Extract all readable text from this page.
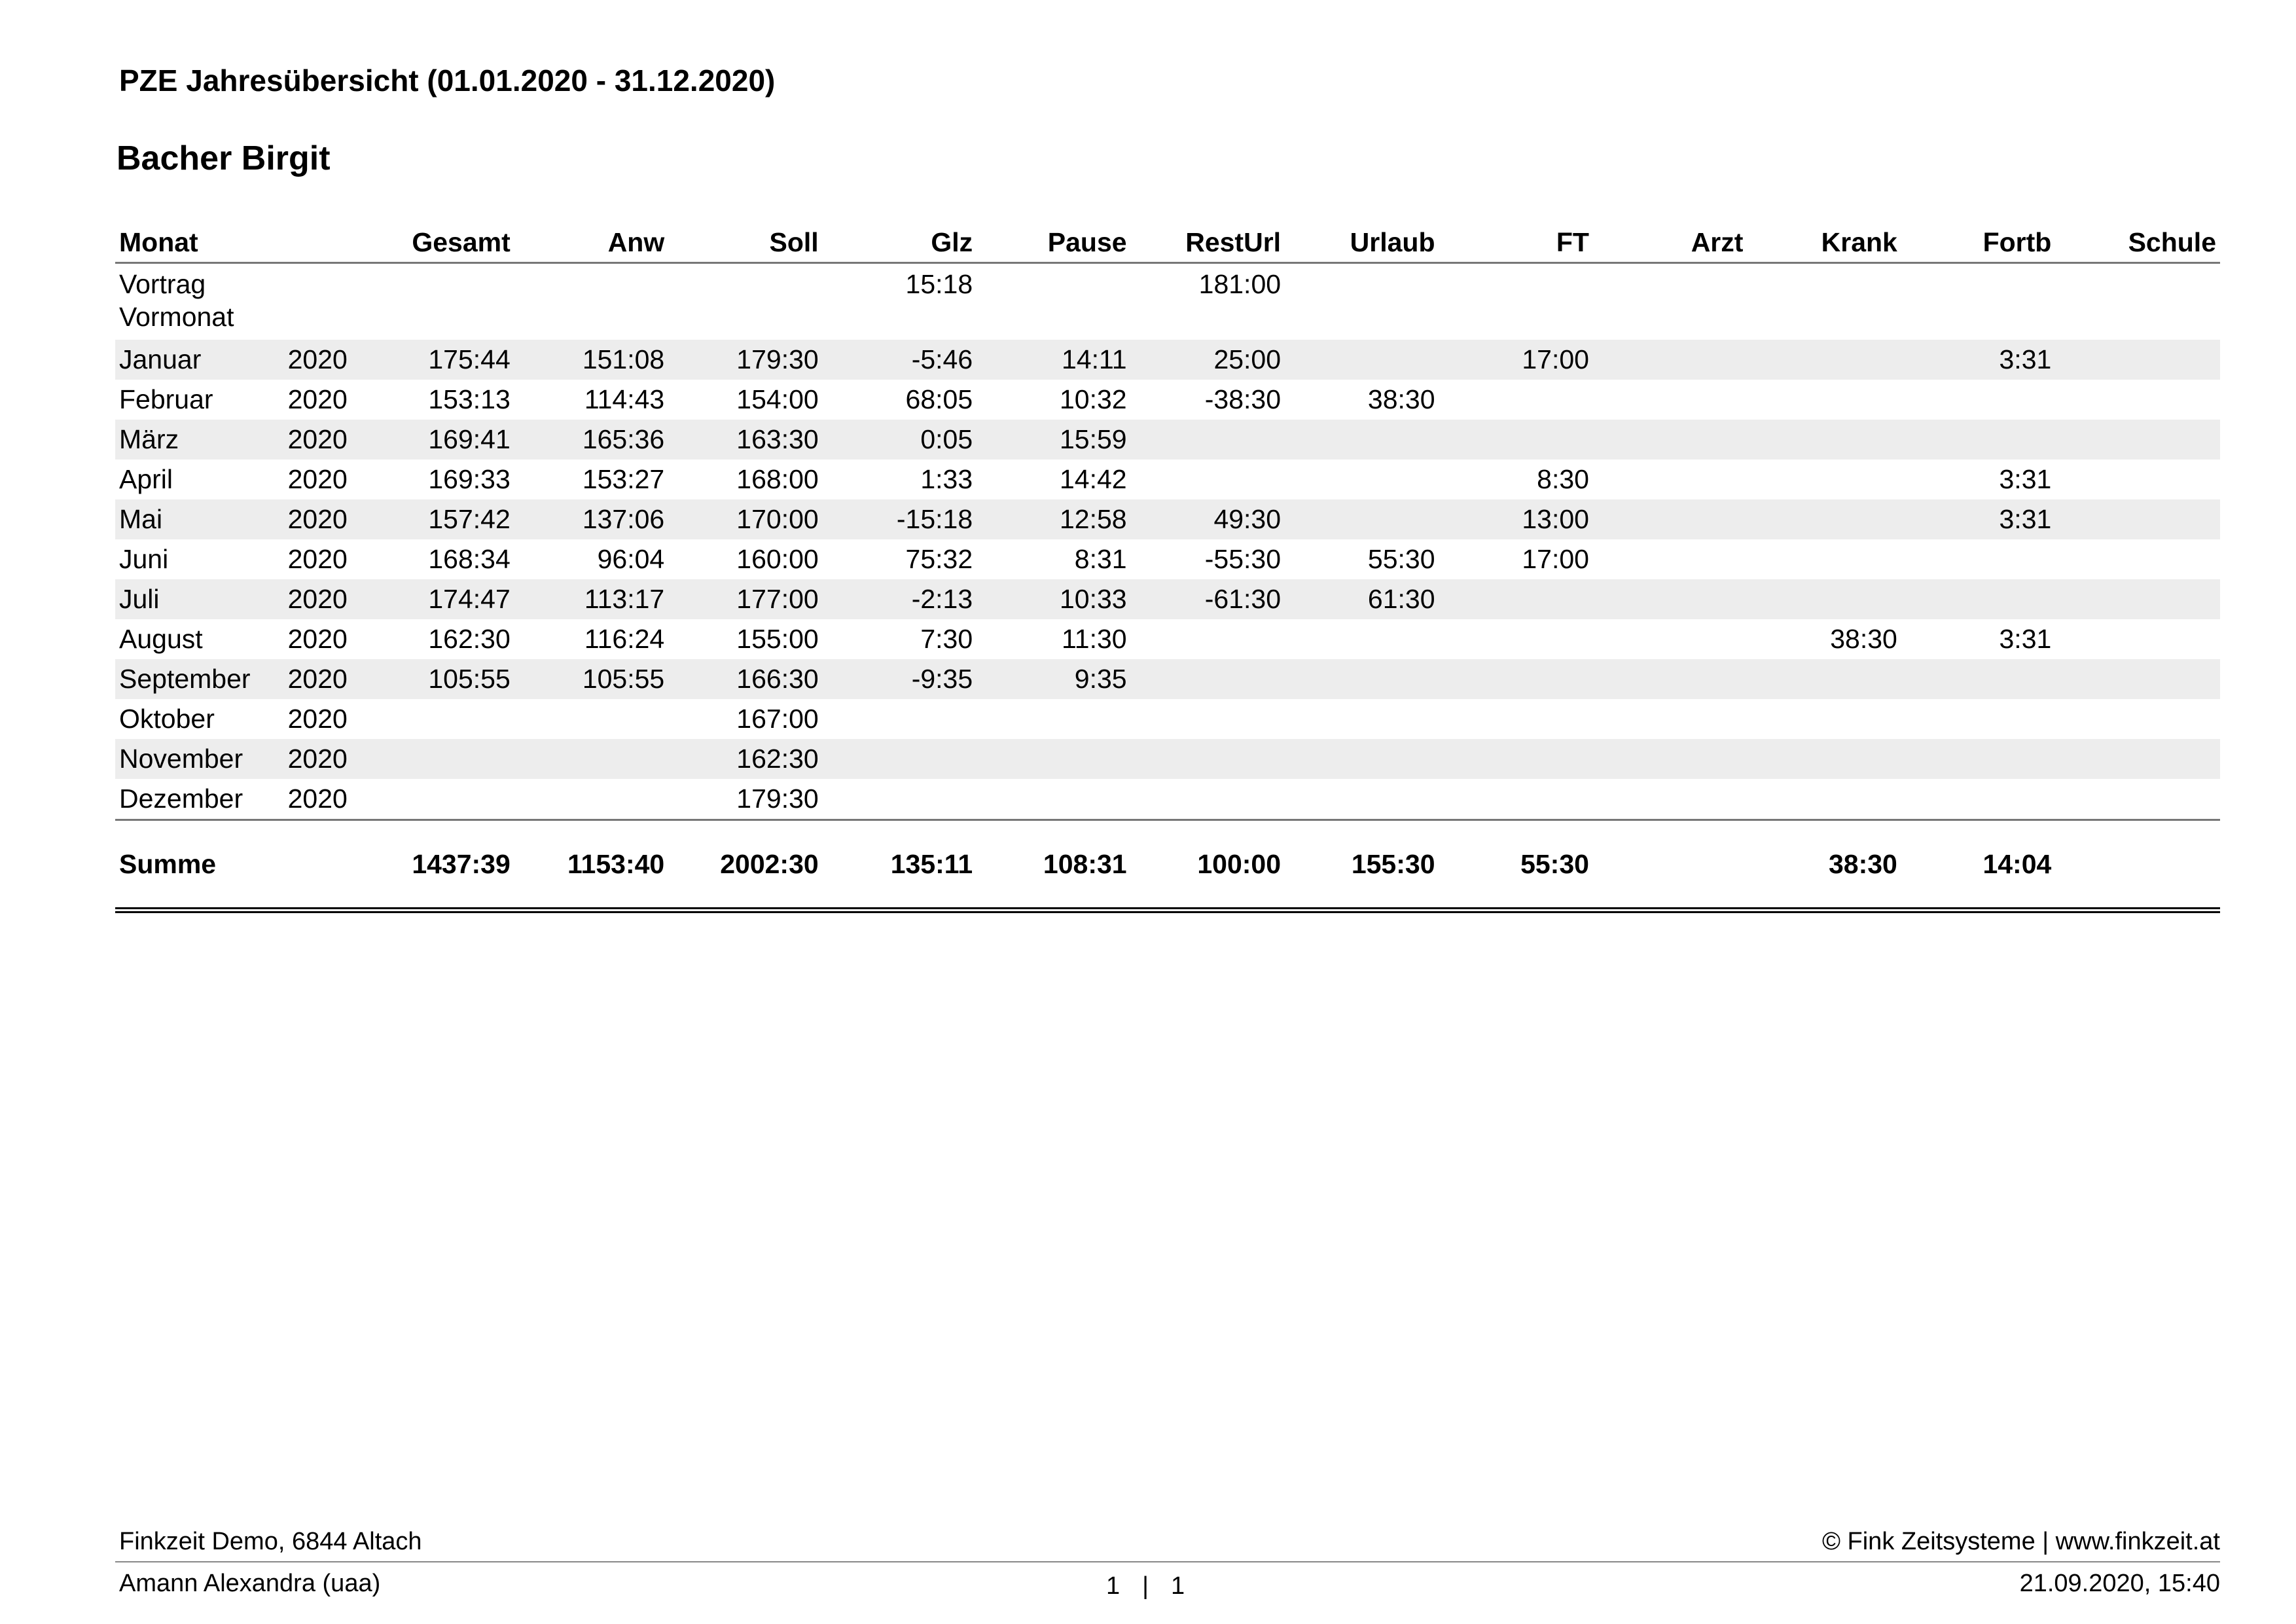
PZE Jahresübersicht (01.01.2020 - 31.12.2020)
Bacher Birgit
Monat		Gesamt	Anw	Soll	Glz	Pause	RestUrl	Urlaub	FT	Arzt	Krank	Fortb	Schule
Vortrag Vormonat					15:18		181:00						
Januar	2020	175:44	151:08	179:30	-5:46	14:11	25:00		17:00			3:31	
Februar	2020	153:13	114:43	154:00	68:05	10:32	-38:30	38:30					
März	2020	169:41	165:36	163:30	0:05	15:59							
April	2020	169:33	153:27	168:00	1:33	14:42			8:30			3:31	
Mai	2020	157:42	137:06	170:00	-15:18	12:58	49:30		13:00			3:31	
Juni	2020	168:34	96:04	160:00	75:32	8:31	-55:30	55:30	17:00				
Juli	2020	174:47	113:17	177:00	-2:13	10:33	-61:30	61:30					
August	2020	162:30	116:24	155:00	7:30	11:30					38:30	3:31	
September	2020	105:55	105:55	166:30	-9:35	9:35							
Oktober	2020			167:00									
November	2020			162:30									
Dezember	2020			179:30									
Summe		1437:39	1153:40	2002:30	135:11	108:31	100:00	155:30	55:30		38:30	14:04	
Finkzeit Demo, 6844 Altach	© Fink Zeitsysteme | www.finkzeit.at
Amann Alexandra (uaa)	1 | 1	21.09.2020, 15:40
